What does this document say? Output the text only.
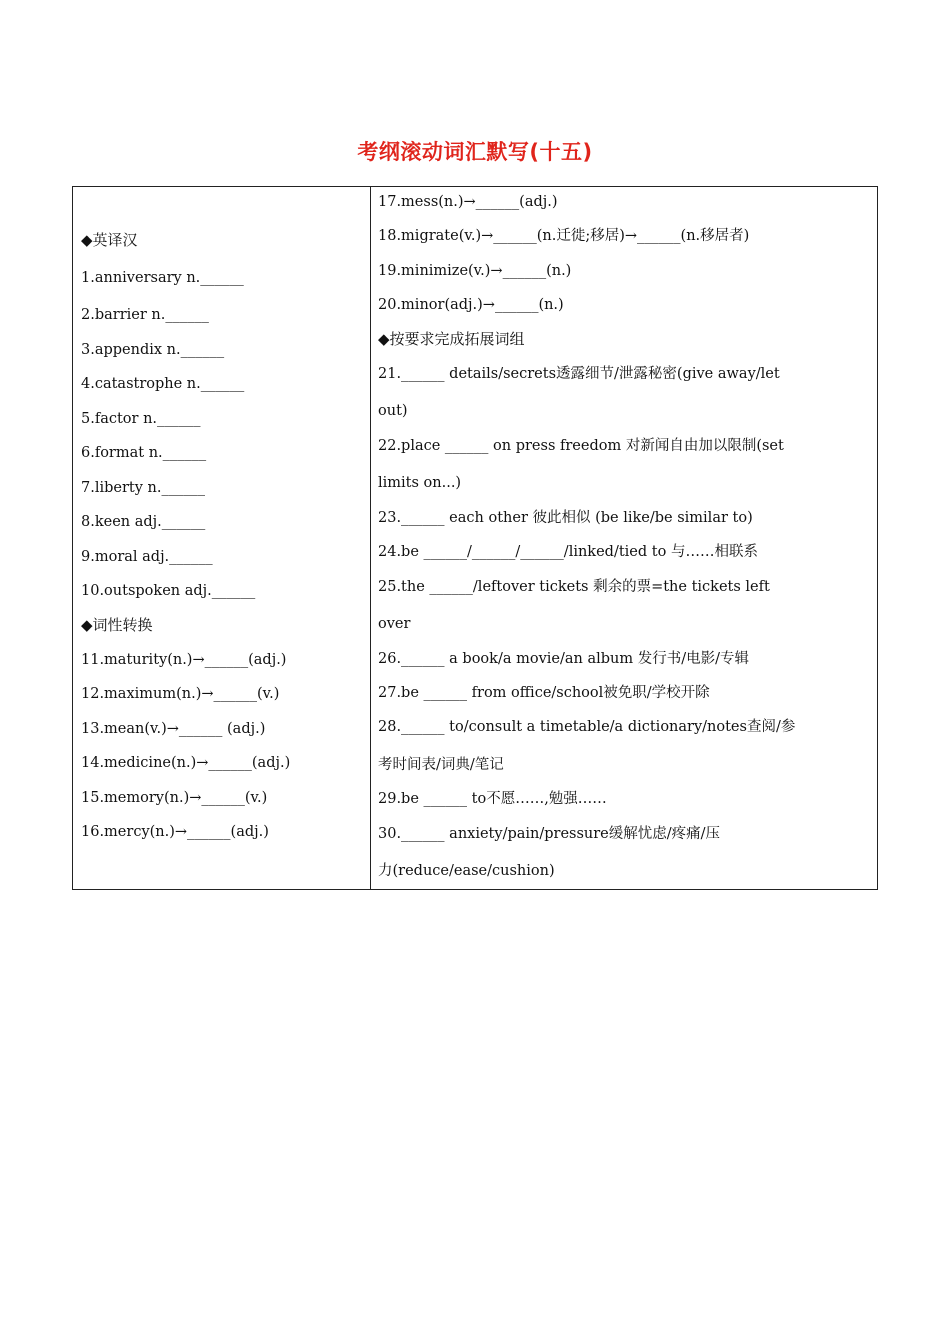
考纲滚动词汇默写(十五)
◆英译汉
1.anniversary n.______
2.barrier n.______
3.appendix n.______
4.catastrophe n.______
5.factor n.______
6.format n.______
7.liberty n.______
8.keen adj.______
9.moral adj.______
10.outspoken adj.______
◆词性转换
11.maturity(n.)→______(adj.)
12.maximum(n.)→______(v.)
13.mean(v.)→______ (adj.)
14.medicine(n.)→______(adj.)
15.memory(n.)→______(v.)
16.mercy(n.)→______(adj.)
17.mess(n.)→______(adj.)
18.migrate(v.)→______(n.迁徙;移居)→______(n.移居者)
19.minimize(v.)→______(n.)
20.minor(adj.)→______(n.)
◆按要求完成拓展词组
21.______ details/secrets透露细节/泄露秘密(give away/let
out)
22.place ______ on press freedom 对新闻自由加以限制(set
limits on...)
23.______ each other 彼此相似 (be like/be similar to)
24.be ______/______/______/linked/tied to 与……相联系
25.the ______/leftover tickets 剩余的票=the tickets left
over
26.______ a book/a movie/an album 发行书/电影/专辑
27.be ______ from office/school被免职/学校开除
28.______ to/consult a timetable/a dictionary/notes查阅/参
考时间表/词典/笔记
29.be ______ to不愿……,勉强……
30.______ anxiety/pain/pressure缓解忧虑/疼痛/压
力(reduce/ease/cushion)
